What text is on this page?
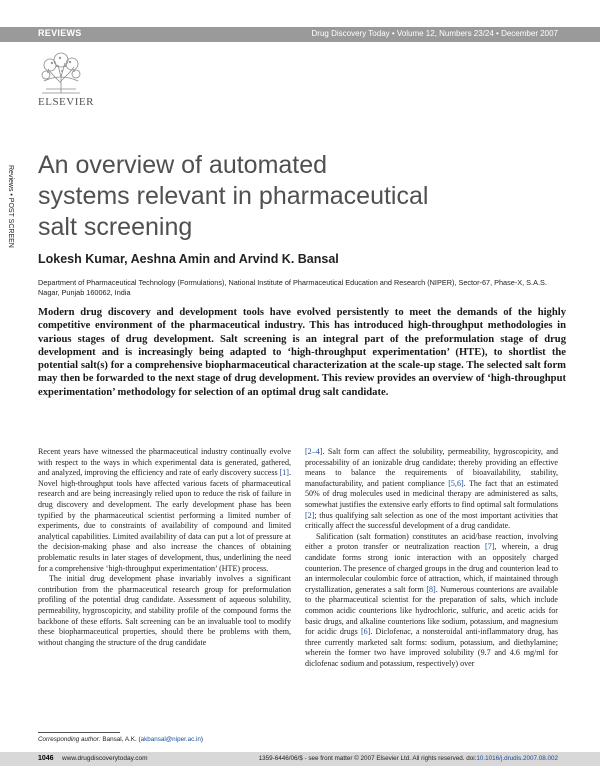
REVIEWS	Drug Discovery Today • Volume 12, Numbers 23/24 • December 2007
ELSEVIER
Reviews • POST SCREEN An overview of automated
systems relevant in pharmaceutical
salt screening
Lokesh Kumar, Aeshna Amin and Arvind K. Bansal
Department of Pharmaceutical Technology (Formulations), National Institute of Pharmaceutical Education and Research (NIPER), Sector-67, Phase-X, S.A.S. Nagar, Punjab 160062, India
Modern drug discovery and development tools have evolved persistently to meet the demands of the highly competitive environment of the pharmaceutical industry. This has introduced high-throughput methodologies in various stages of drug development. Salt screening is an integral part of the preformulation stage of drug development and is increasingly being adapted to ‘high-throughput experimentation’ (HTE), to shortlist the potential salt(s) for a comprehensive biopharmaceutical characterization at the scale-up stage. The selected salt form may then be forwarded to the next stage of drug development. This review provides an overview of ‘high-throughput experimentation’ methodology for selection of an optimal drug salt candidate.

Recent years have witnessed the pharmaceutical industry continually evolve with respect to the ways in which experimental data is generated, gathered, and analyzed, improving the efficiency and rate of early discovery success [1]. Novel high-throughput tools have affected various facets of pharmaceutical research and are being increasingly relied upon to reduce the risk of failure in drug discovery and development. The early development phase has been typified by the pharmaceutical scientist performing a limited number of experiments, due to constraints of availability of compound and limited analytical capabilities. Limited availability of data can put a lot of pressure at the decision-making phase and also increase the chances of obtaining problematic results in later stages of development, thus, underlining the need for a comprehensive ‘high-throughput experimentation’ (HTE) process.

The initial drug development phase invariably involves a significant contribution from the pharmaceutical research group for preformulation profiling of the potential drug candidate. Assessment of aqueous solubility, permeability, hygroscopicity, and stability profile of the compound forms the backbone of these efforts. Salt screening can be an invaluable tool to modify these biopharmaceutical properties, should there be problems with them, without changing the structure of the drug candidate

[2–4]. Salt form can affect the solubility, permeability, hygroscopicity, and processability of an ionizable drug candidate; thereby providing an effective means to balance the requirements of bioavailability, stability, manufacturability, and patient compliance [5,6]. The fact that an estimated 50% of drug molecules used in medicinal therapy are administered as salts, somewhat justifies the extensive early efforts to find optimal salt formulations [2]; thus qualifying salt selection as one of the most important activities that critically affect the successful development of a drug candidate.

Salification (salt formation) constitutes an acid/base reaction, involving either a proton transfer or neutralization reaction [7], wherein, a drug candidate forms strong ionic interaction with an oppositely charged counterion. The presence of charged groups in the drug and counterion lead to an intermolecular coulombic force of attraction, which, if maintained through crystallization, generates a salt form [8]. Numerous counterions are available to the pharmaceutical scientist for the preparation of salts, which include common acidic counterions like hydrochloric, sulfuric, and acetic acids for basic drugs, and alkaline counterions like sodium, potassium, and magnesium for acidic drugs [6]. Diclofenac, a nonsteroidal anti-inflammatory drug, has three currently marketed salt forms: sodium, potassium, and diethylamine; wherein the former two have improved solubility (9.7 and 4.6 mg/ml for diclofenac sodium and potassium, respectively) over

Corresponding author: Bansal, A.K. (akbansal@niper.ac.in)
1046 www.drugdiscoverytoday.com	1359-6446/06/$ - see front matter © 2007 Elsevier Ltd. All rights reserved. doi:10.1016/j.drudis.2007.08.002
